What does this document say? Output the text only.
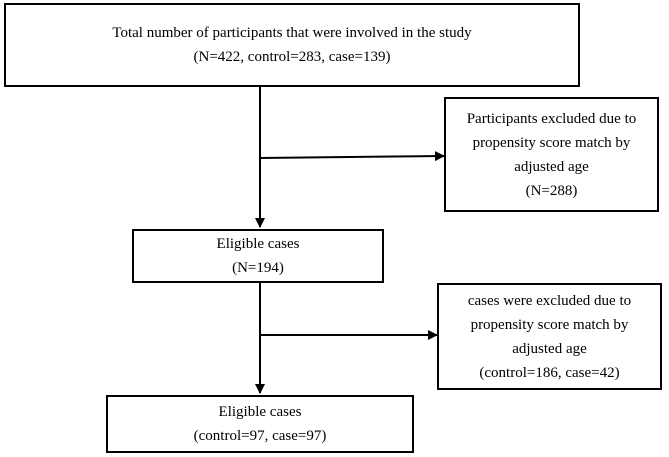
Total number of participants that were involved in the study
(N=422, control=283, case=139)
Participants excluded due to
propensity score match by
adjusted age
(N=288)
Eligible cases
(N=194)
cases were excluded due to
propensity score match by
adjusted age
(control=186, case=42)
Eligible cases
(control=97, case=97)
